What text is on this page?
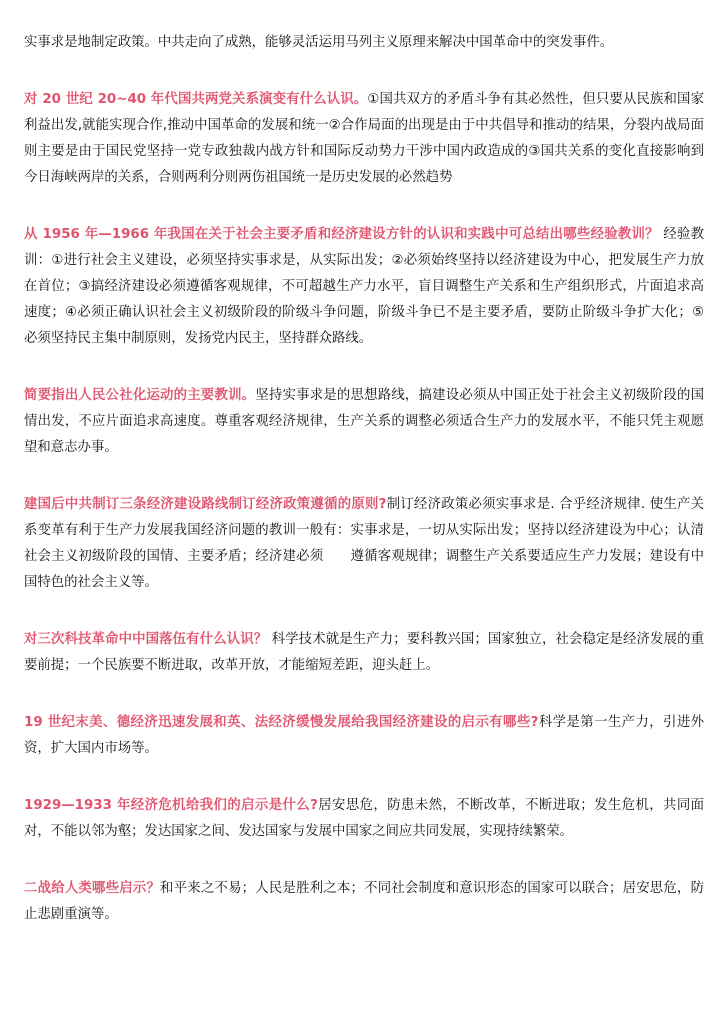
实事求是地制定政策。中共走向了成熟，能够灵活运用马列主义原理来解决中国革命中的突发事件。

对 20 世纪 20~40 年代国共两党关系演变有什么认识。①国共双方的矛盾斗争有其必然性，但只要从民族和国家利益出发,就能实现合作,推动中国革命的发展和统一②合作局面的出现是由于中共倡导和推动的结果，分裂内战局面则主要是由于国民党坚持一党专政独裁内战方针和国际反动势力干涉中国内政造成的③国共关系的变化直接影响到今日海峡两岸的关系，合则两利分则两伤祖国统一是历史发展的必然趋势

从 1956 年—1966 年我国在关于社会主要矛盾和经济建设方针的认识和实践中可总结出哪些经验教训？ 经验教训：①进行社会主义建设，必须坚持实事求是，从实际出发；②必须始终坚持以经济建设为中心，把发展生产力放在首位；③搞经济建设必须遵循客观规律，不可超越生产力水平，盲目调整生产关系和生产组织形式，片面追求高速度；④必须正确认识社会主义初级阶段的阶级斗争问题，阶级斗争已不是主要矛盾，要防止阶级斗争扩大化；⑤必须坚持民主集中制原则，发扬党内民主，坚持群众路线。

简要指出人民公社化运动的主要教训。坚持实事求是的思想路线，搞建设必须从中国正处于社会主义初级阶段的国情出发，不应片面追求高速度。尊重客观经济规律，生产关系的调整必须适合生产力的发展水平，不能只凭主观愿望和意志办事。

建国后中共制订三条经济建设路线制订经济政策遵循的原则?制订经济政策必须实事求是. 合乎经济规律. 使生产关系变革有利于生产力发展我国经济问题的教训一般有：实事求是，一切从实际出发；坚持以经济建设为中心；认清社会主义初级阶段的国情、主要矛盾；经济建必须　　遵循客观规律；调整生产关系要适应生产力发展；建设有中国特色的社会主义等。

对三次科技革命中中国落伍有什么认识？ 科学技术就是生产力；要科教兴国；国家独立，社会稳定是经济发展的重要前提；一个民族要不断进取，改革开放，才能缩短差距，迎头赶上。

19 世纪末美、德经济迅速发展和英、法经济缓慢发展给我国经济建设的启示有哪些?科学是第一生产力，引进外资，扩大国内市场等。

1929—1933 年经济危机给我们的启示是什么?居安思危，防患未然，不断改革，不断进取；发生危机，共同面对，不能以邻为壑；发达国家之间、发达国家与发展中国家之间应共同发展，实现持续繁荣。

二战给人类哪些启示？和平来之不易；人民是胜利之本；不同社会制度和意识形态的国家可以联合；居安思危，防止悲剧重演等。
